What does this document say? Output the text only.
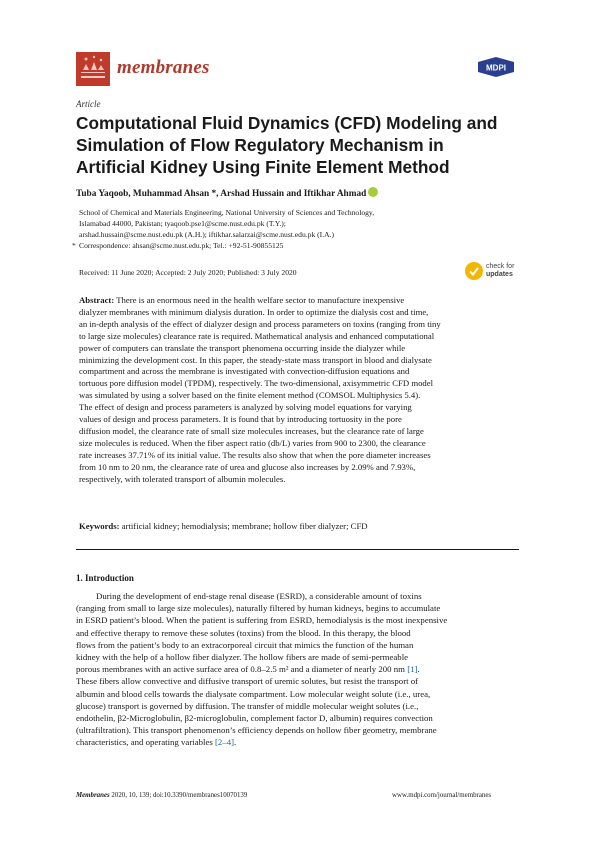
membranes	MDPI
Article
Computational Fluid Dynamics (CFD) Modeling and
Simulation of Flow Regulatory Mechanism in
Artificial Kidney Using Finite Element Method
Tuba Yaqoob, Muhammad Ahsan *, Arshad Hussain and Iftikhar Ahmad
School of Chemical and Materials Engineering, National University of Sciences and Technology,
Islamabad 44000, Pakistan; tyaqoob.pse1@scme.nust.edu.pk (T.Y.);
arshad.hussain@scme.nust.edu.pk (A.H.); iftikhar.salarzai@scme.nust.edu.pk (I.A.)
* Correspondence: ahsan@scme.nust.edu.pk; Tel.: +92-51-90855125
Received: 11 June 2020; Accepted: 2 July 2020; Published: 3 July 2020
check for
updates
Abstract: There is an enormous need in the health welfare sector to manufacture inexpensive
dialyzer membranes with minimum dialysis duration. In order to optimize the dialysis cost and time,
an in-depth analysis of the effect of dialyzer design and process parameters on toxins (ranging from tiny
to large size molecules) clearance rate is required. Mathematical analysis and enhanced computational
power of computers can translate the transport phenomena occurring inside the dialyzer while
minimizing the development cost. In this paper, the steady-state mass transport in blood and dialysate
compartment and across the membrane is investigated with convection-diffusion equations and
tortuous pore diffusion model (TPDM), respectively. The two-dimensional, axisymmetric CFD model
was simulated by using a solver based on the finite element method (COMSOL Multiphysics 5.4).
The effect of design and process parameters is analyzed by solving model equations for varying
values of design and process parameters. It is found that by introducing tortuosity in the pore
diffusion model, the clearance rate of small size molecules increases, but the clearance rate of large
size molecules is reduced. When the fiber aspect ratio (db/L) varies from 900 to 2300, the clearance
rate increases 37.71% of its initial value. The results also show that when the pore diameter increases
from 10 nm to 20 nm, the clearance rate of urea and glucose also increases by 2.09% and 7.93%,
respectively, with tolerated transport of albumin molecules.
Keywords: artificial kidney; hemodialysis; membrane; hollow fiber dialyzer; CFD
1. Introduction
During the development of end-stage renal disease (ESRD), a considerable amount of toxins
(ranging from small to large size molecules), naturally filtered by human kidneys, begins to accumulate
in ESRD patient’s blood. When the patient is suffering from ESRD, hemodialysis is the most inexpensive
and effective therapy to remove these solutes (toxins) from the blood. In this therapy, the blood
flows from the patient’s body to an extracorporeal circuit that mimics the function of the human
kidney with the help of a hollow fiber dialyzer. The hollow fibers are made of semi-permeable
porous membranes with an active surface area of 0.8–2.5 m² and a diameter of nearly 200 nm [1].
These fibers allow convective and diffusive transport of uremic solutes, but resist the transport of
albumin and blood cells towards the dialysate compartment. Low molecular weight solute (i.e., urea,
glucose) transport is governed by diffusion. The transfer of middle molecular weight solutes (i.e.,
endothelin, β2-Microglobulin, β2-microglobulin, complement factor D, albumin) requires convection
(ultrafiltration). This transport phenomenon’s efficiency depends on hollow fiber geometry, membrane
characteristics, and operating variables [2–4].
Membranes 2020, 10, 139; doi:10.3390/membranes10070139	www.mdpi.com/journal/membranes
